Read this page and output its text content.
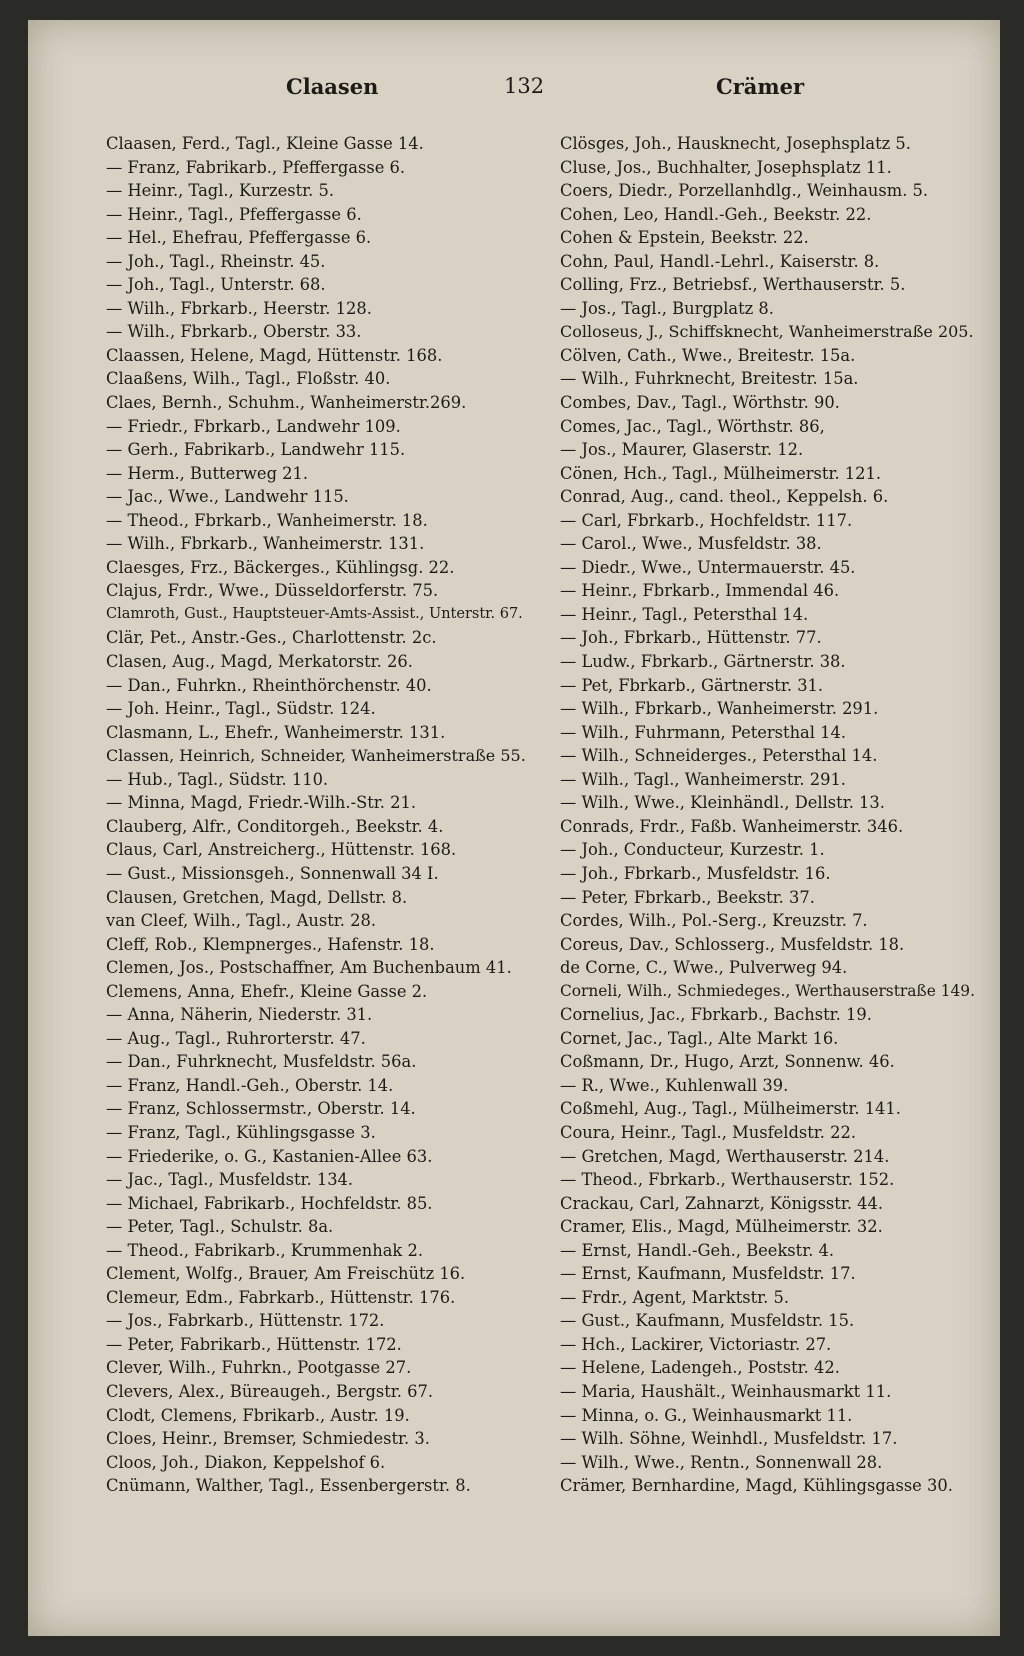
Claasen	132	Crämer
Claasen, Ferd., Tagl., Kleine Gasse 14.
— Franz, Fabrikarb., Pfeffergasse 6.
— Heinr., Tagl., Kurzestr. 5.
— Heinr., Tagl., Pfeffergasse 6.
— Hel., Ehefrau, Pfeffergasse 6.
— Joh., Tagl., Rheinstr. 45.
— Joh., Tagl., Unterstr. 68.
— Wilh., Fbrkarb., Heerstr. 128.
— Wilh., Fbrkarb., Oberstr. 33.
Claassen, Helene, Magd, Hüttenstr. 168.
Claaßens, Wilh., Tagl., Floßstr. 40.
Claes, Bernh., Schuhm., Wanheimerstr.269.
— Friedr., Fbrkarb., Landwehr 109.
— Gerh., Fabrikarb., Landwehr 115.
— Herm., Butterweg 21.
— Jac., Wwe., Landwehr 115.
— Theod., Fbrkarb., Wanheimerstr. 18.
— Wilh., Fbrkarb., Wanheimerstr. 131.
Claesges, Frz., Bäckerges., Kühlingsg. 22.
Clajus, Frdr., Wwe., Düsseldorferstr. 75.
Clamroth, Gust., Hauptsteuer-Amts-Assist., Unterstr. 67.
Clär, Pet., Anstr.-Ges., Charlottenstr. 2c.
Clasen, Aug., Magd, Merkatorstr. 26.
— Dan., Fuhrkn., Rheinthörchenstr. 40.
— Joh. Heinr., Tagl., Südstr. 124.
Clasmann, L., Ehefr., Wanheimerstr. 131.
Classen, Heinrich, Schneider, Wanheimerstraße 55.
— Hub., Tagl., Südstr. 110.
— Minna, Magd, Friedr.-Wilh.-Str. 21.
Clauberg, Alfr., Conditorgeh., Beekstr. 4.
Claus, Carl, Anstreicherg., Hüttenstr. 168.
— Gust., Missionsgeh., Sonnenwall 34 I.
Clausen, Gretchen, Magd, Dellstr. 8.
van Cleef, Wilh., Tagl., Austr. 28.
Cleff, Rob., Klempnerges., Hafenstr. 18.
Clemen, Jos., Postschaffner, Am Buchenbaum 41.
Clemens, Anna, Ehefr., Kleine Gasse 2.
— Anna, Näherin, Niederstr. 31.
— Aug., Tagl., Ruhrorterstr. 47.
— Dan., Fuhrknecht, Musfeldstr. 56a.
— Franz, Handl.-Geh., Oberstr. 14.
— Franz, Schlossermstr., Oberstr. 14.
— Franz, Tagl., Kühlingsgasse 3.
— Friederike, o. G., Kastanien-Allee 63.
— Jac., Tagl., Musfeldstr. 134.
— Michael, Fabrikarb., Hochfeldstr. 85.
— Peter, Tagl., Schulstr. 8a.
— Theod., Fabrikarb., Krummenhak 2.
Clement, Wolfg., Brauer, Am Freischütz 16.
Clemeur, Edm., Fabrkarb., Hüttenstr. 176.
— Jos., Fabrkarb., Hüttenstr. 172.
— Peter, Fabrikarb., Hüttenstr. 172.
Clever, Wilh., Fuhrkn., Pootgasse 27.
Clevers, Alex., Büreaugeh., Bergstr. 67.
Clodt, Clemens, Fbrikarb., Austr. 19.
Cloes, Heinr., Bremser, Schmiedestr. 3.
Cloos, Joh., Diakon, Keppelshof 6.
Cnümann, Walther, Tagl., Essenbergerstr. 8.
Clösges, Joh., Hausknecht, Josephsplatz 5.
Cluse, Jos., Buchhalter, Josephsplatz 11.
Coers, Diedr., Porzellanhdlg., Weinhausm. 5.
Cohen, Leo, Handl.-Geh., Beekstr. 22.
Cohen & Epstein, Beekstr. 22.
Cohn, Paul, Handl.-Lehrl., Kaiserstr. 8.
Colling, Frz., Betriebsf., Werthauserstr. 5.
— Jos., Tagl., Burgplatz 8.
Colloseus, J., Schiffsknecht, Wanheimerstraße 205.
Cölven, Cath., Wwe., Breitestr. 15a.
— Wilh., Fuhrknecht, Breitestr. 15a.
Combes, Dav., Tagl., Wörthstr. 90.
Comes, Jac., Tagl., Wörthstr. 86,
— Jos., Maurer, Glaserstr. 12.
Cönen, Hch., Tagl., Mülheimerstr. 121.
Conrad, Aug., cand. theol., Keppelsh. 6.
— Carl, Fbrkarb., Hochfeldstr. 117.
— Carol., Wwe., Musfeldstr. 38.
— Diedr., Wwe., Untermauerstr. 45.
— Heinr., Fbrkarb., Immendal 46.
— Heinr., Tagl., Petersthal 14.
— Joh., Fbrkarb., Hüttenstr. 77.
— Ludw., Fbrkarb., Gärtnerstr. 38.
— Pet, Fbrkarb., Gärtnerstr. 31.
— Wilh., Fbrkarb., Wanheimerstr. 291.
— Wilh., Fuhrmann, Petersthal 14.
— Wilh., Schneiderges., Petersthal 14.
— Wilh., Tagl., Wanheimerstr. 291.
— Wilh., Wwe., Kleinhändl., Dellstr. 13.
Conrads, Frdr., Faßb. Wanheimerstr. 346.
— Joh., Conducteur, Kurzestr. 1.
— Joh., Fbrkarb., Musfeldstr. 16.
— Peter, Fbrkarb., Beekstr. 37.
Cordes, Wilh., Pol.-Serg., Kreuzstr. 7.
Coreus, Dav., Schlosserg., Musfeldstr. 18.
de Corne, C., Wwe., Pulverweg 94.
Corneli, Wilh., Schmiedeges., Werthauserstraße 149.
Cornelius, Jac., Fbrkarb., Bachstr. 19.
Cornet, Jac., Tagl., Alte Markt 16.
Coßmann, Dr., Hugo, Arzt, Sonnenw. 46.
— R., Wwe., Kuhlenwall 39.
Coßmehl, Aug., Tagl., Mülheimerstr. 141.
Coura, Heinr., Tagl., Musfeldstr. 22.
— Gretchen, Magd, Werthauserstr. 214.
— Theod., Fbrkarb., Werthauserstr. 152.
Crackau, Carl, Zahnarzt, Königsstr. 44.
Cramer, Elis., Magd, Mülheimerstr. 32.
— Ernst, Handl.-Geh., Beekstr. 4.
— Ernst, Kaufmann, Musfeldstr. 17.
— Frdr., Agent, Marktstr. 5.
— Gust., Kaufmann, Musfeldstr. 15.
— Hch., Lackirer, Victoriastr. 27.
— Helene, Ladengeh., Poststr. 42.
— Maria, Haushält., Weinhausmarkt 11.
— Minna, o. G., Weinhausmarkt 11.
— Wilh. Söhne, Weinhdl., Musfeldstr. 17.
— Wilh., Wwe., Rentn., Sonnenwall 28.
Crämer, Bernhardine, Magd, Kühlingsgasse 30.
